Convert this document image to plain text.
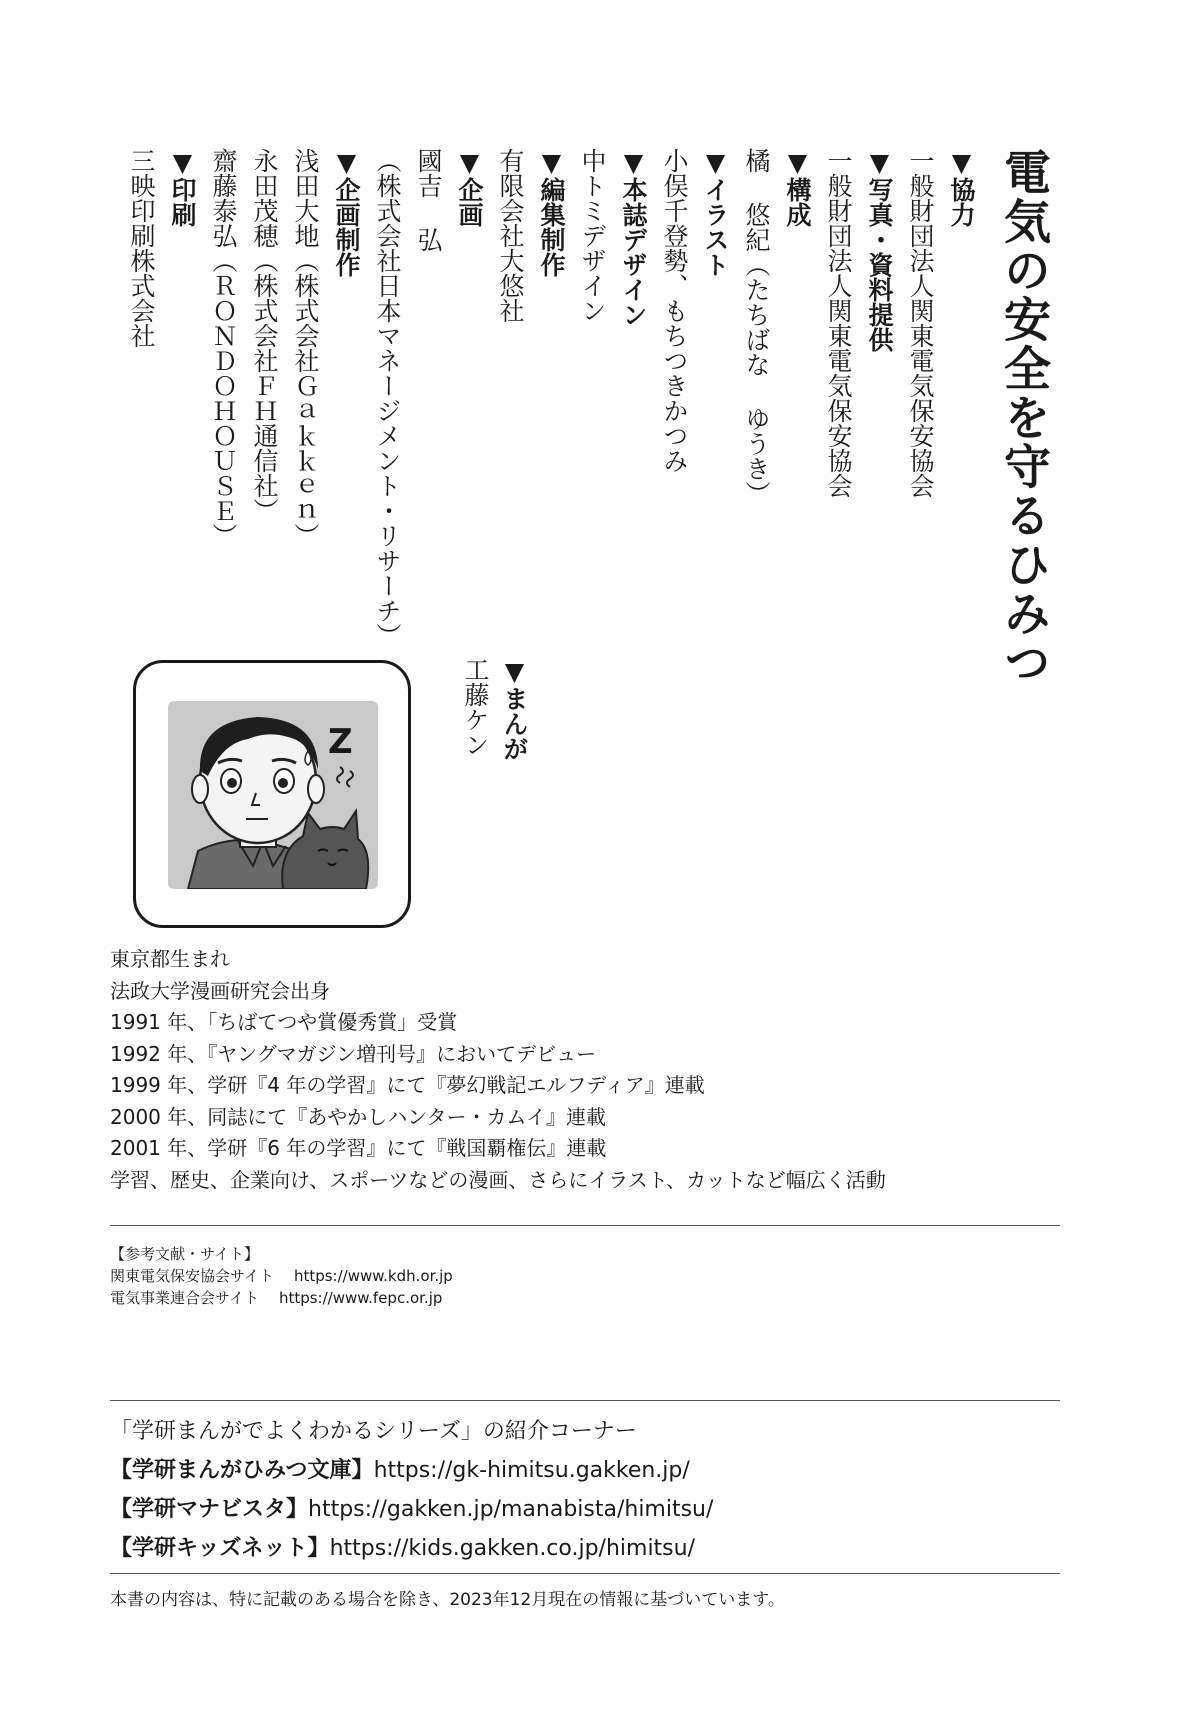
電気の安全を守るひみつ
▼協力
一般財団法人関東電気保安協会
▼写真・資料提供
一般財団法人関東電気保安協会
▼構成
橘 悠紀（たちばな ゆうき）
▼イラスト
小俣千登勢、もちつきかつみ
▼本誌デザイン
中トミデザイン
▼編集制作
有限会社大悠社
▼企画
國吉 弘
（株式会社日本マネージメント・リサーチ）
▼企画制作
浅田大地（株式会社Ｇａｋｋｅｎ）
永田茂穂（株式会社ＦＨ通信社）
齋藤泰弘（ＲＯＮＤＯＨＯＵＳＥ）
▼印刷
三映印刷株式会社
▼まんが
工藤ケン
Z
東京都生まれ
法政大学漫画研究会出身
1991 年、「ちばてつや賞優秀賞」受賞
1992 年、『ヤングマガジン増刊号』においてデビュー
1999 年、学研『4 年の学習』にて『夢幻戦記エルフディア』連載
2000 年、同誌にて『あやかしハンター・カムイ』連載
2001 年、学研『6 年の学習』にて『戦国覇権伝』連載
学習、歴史、企業向け、スポーツなどの漫画、さらにイラスト、カットなど幅広く活動
【参考文献・サイト】
関東電気保安協会サイト https://www.kdh.or.jp
電気事業連合会サイト https://www.fepc.or.jp
「学研まんがでよくわかるシリーズ」の紹介コーナー
【学研まんがひみつ文庫】https://gk-himitsu.gakken.jp/
【学研マナビスタ】https://gakken.jp/manabista/himitsu/
【学研キッズネット】https://kids.gakken.co.jp/himitsu/
本書の内容は、特に記載のある場合を除き、2023年12月現在の情報に基づいています。
